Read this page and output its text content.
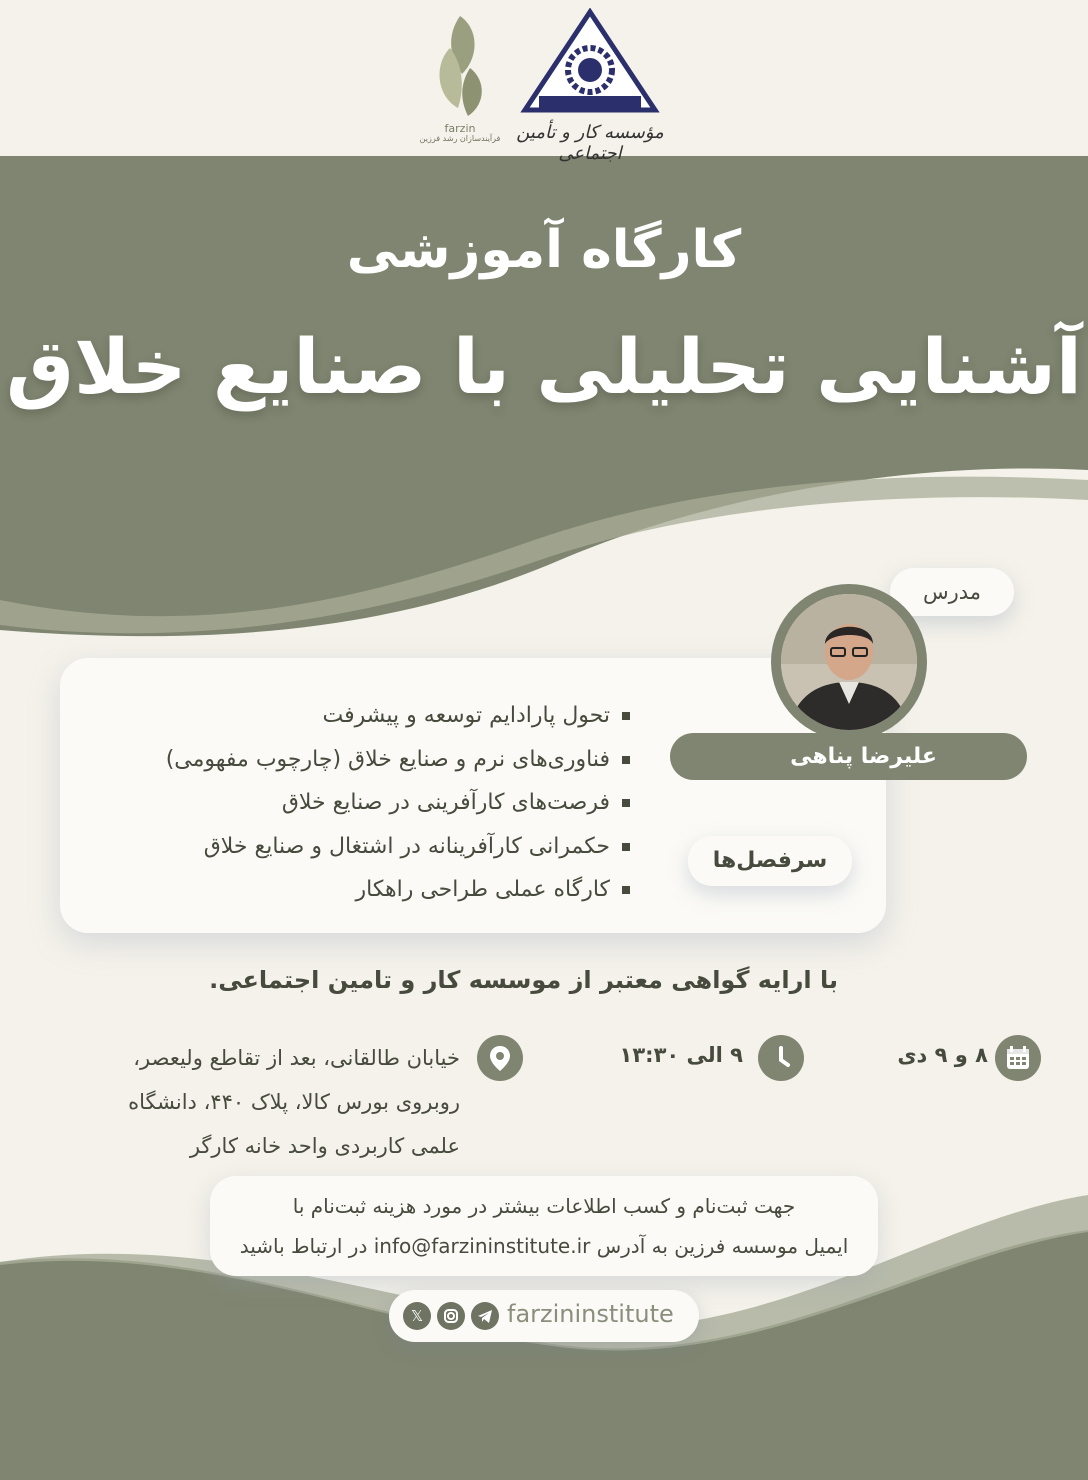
farzin
فرآیندسازان رشد فرزین مؤسسه کار و تأمین اجتماعی
کارگاه آموزشی
آشنایی تحلیلی با صنایع خلاق
تحول پارادایم توسعه و پیشرفت
فناوری‌های نرم و صنایع خلاق (چارچوب مفهومی)
فرصت‌های کارآفرینی در صنایع خلاق
حکمرانی کارآفرینانه در اشتغال و صنایع خلاق
کارگاه عملی طراحی راهکار
سرفصل‌ها
مدرس
علیرضا پناهی
با ارایه گواهی معتبر از موسسه کار و تامین اجتماعی.
۸ و ۹ دی
۹ الی ۱۳:۳۰
خیابان طالقانی، بعد از تقاطع ولیعصر،
روبروی بورس کالا، پلاک ۴۴۰، دانشگاه
علمی کاربردی واحد خانه کارگر
جهت ثبت‌نام و کسب اطلاعات بیشتر در مورد هزینه ثبت‌نام با
ایمیل موسسه فرزین به آدرس info@farzininstitute.ir در ارتباط باشید
𝕏	farzininstitute
